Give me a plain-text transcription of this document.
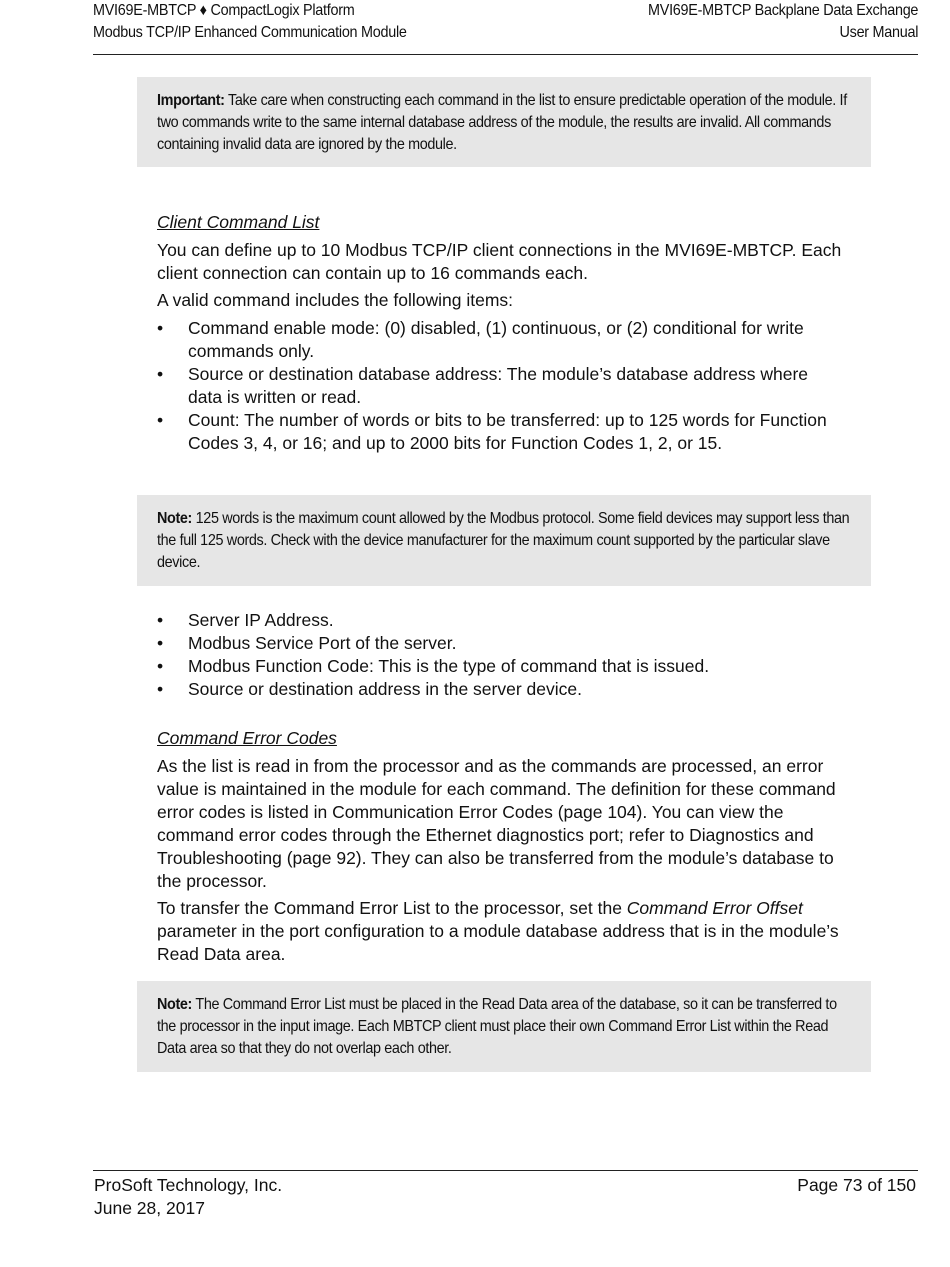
MVI69E-MBTCP ♦ CompactLogix Platform
Modbus TCP/IP Enhanced Communication Module
MVI69E-MBTCP Backplane Data Exchange
User Manual
Important: Take care when constructing each command in the list to ensure predictable operation of the module. If two commands write to the same internal database address of the module, the results are invalid. All commands containing invalid data are ignored by the module.
Client Command List

You can define up to 10 Modbus TCP/IP client connections in the MVI69E-MBTCP. Each client connection can contain up to 16 commands each.

A valid command includes the following items:

• Command enable mode: (0) disabled, (1) continuous, or (2) conditional for write commands only.
• Source or destination database address: The module’s database address where data is written or read.
• Count: The number of words or bits to be transferred: up to 125 words for Function Codes 3, 4, or 16; and up to 2000 bits for Function Codes 1, 2, or 15.
Note: 125 words is the maximum count allowed by the Modbus protocol. Some field devices may support less than the full 125 words. Check with the device manufacturer for the maximum count supported by the particular slave device.
• Server IP Address.
• Modbus Service Port of the server.
• Modbus Function Code: This is the type of command that is issued.
• Source or destination address in the server device.
Command Error Codes

As the list is read in from the processor and as the commands are processed, an error value is maintained in the module for each command. The definition for these command error codes is listed in Communication Error Codes (page 104). You can view the command error codes through the Ethernet diagnostics port; refer to Diagnostics and Troubleshooting (page 92). They can also be transferred from the module’s database to the processor.

To transfer the Command Error List to the processor, set the Command Error Offset parameter in the port configuration to a module database address that is in the module’s Read Data area.

Note: The Command Error List must be placed in the Read Data area of the database, so it can be transferred to the processor in the input image. Each MBTCP client must place their own Command Error List within the Read Data area so that they do not overlap each other.
ProSoft Technology, Inc.
June 28, 2017
Page 73 of 150
